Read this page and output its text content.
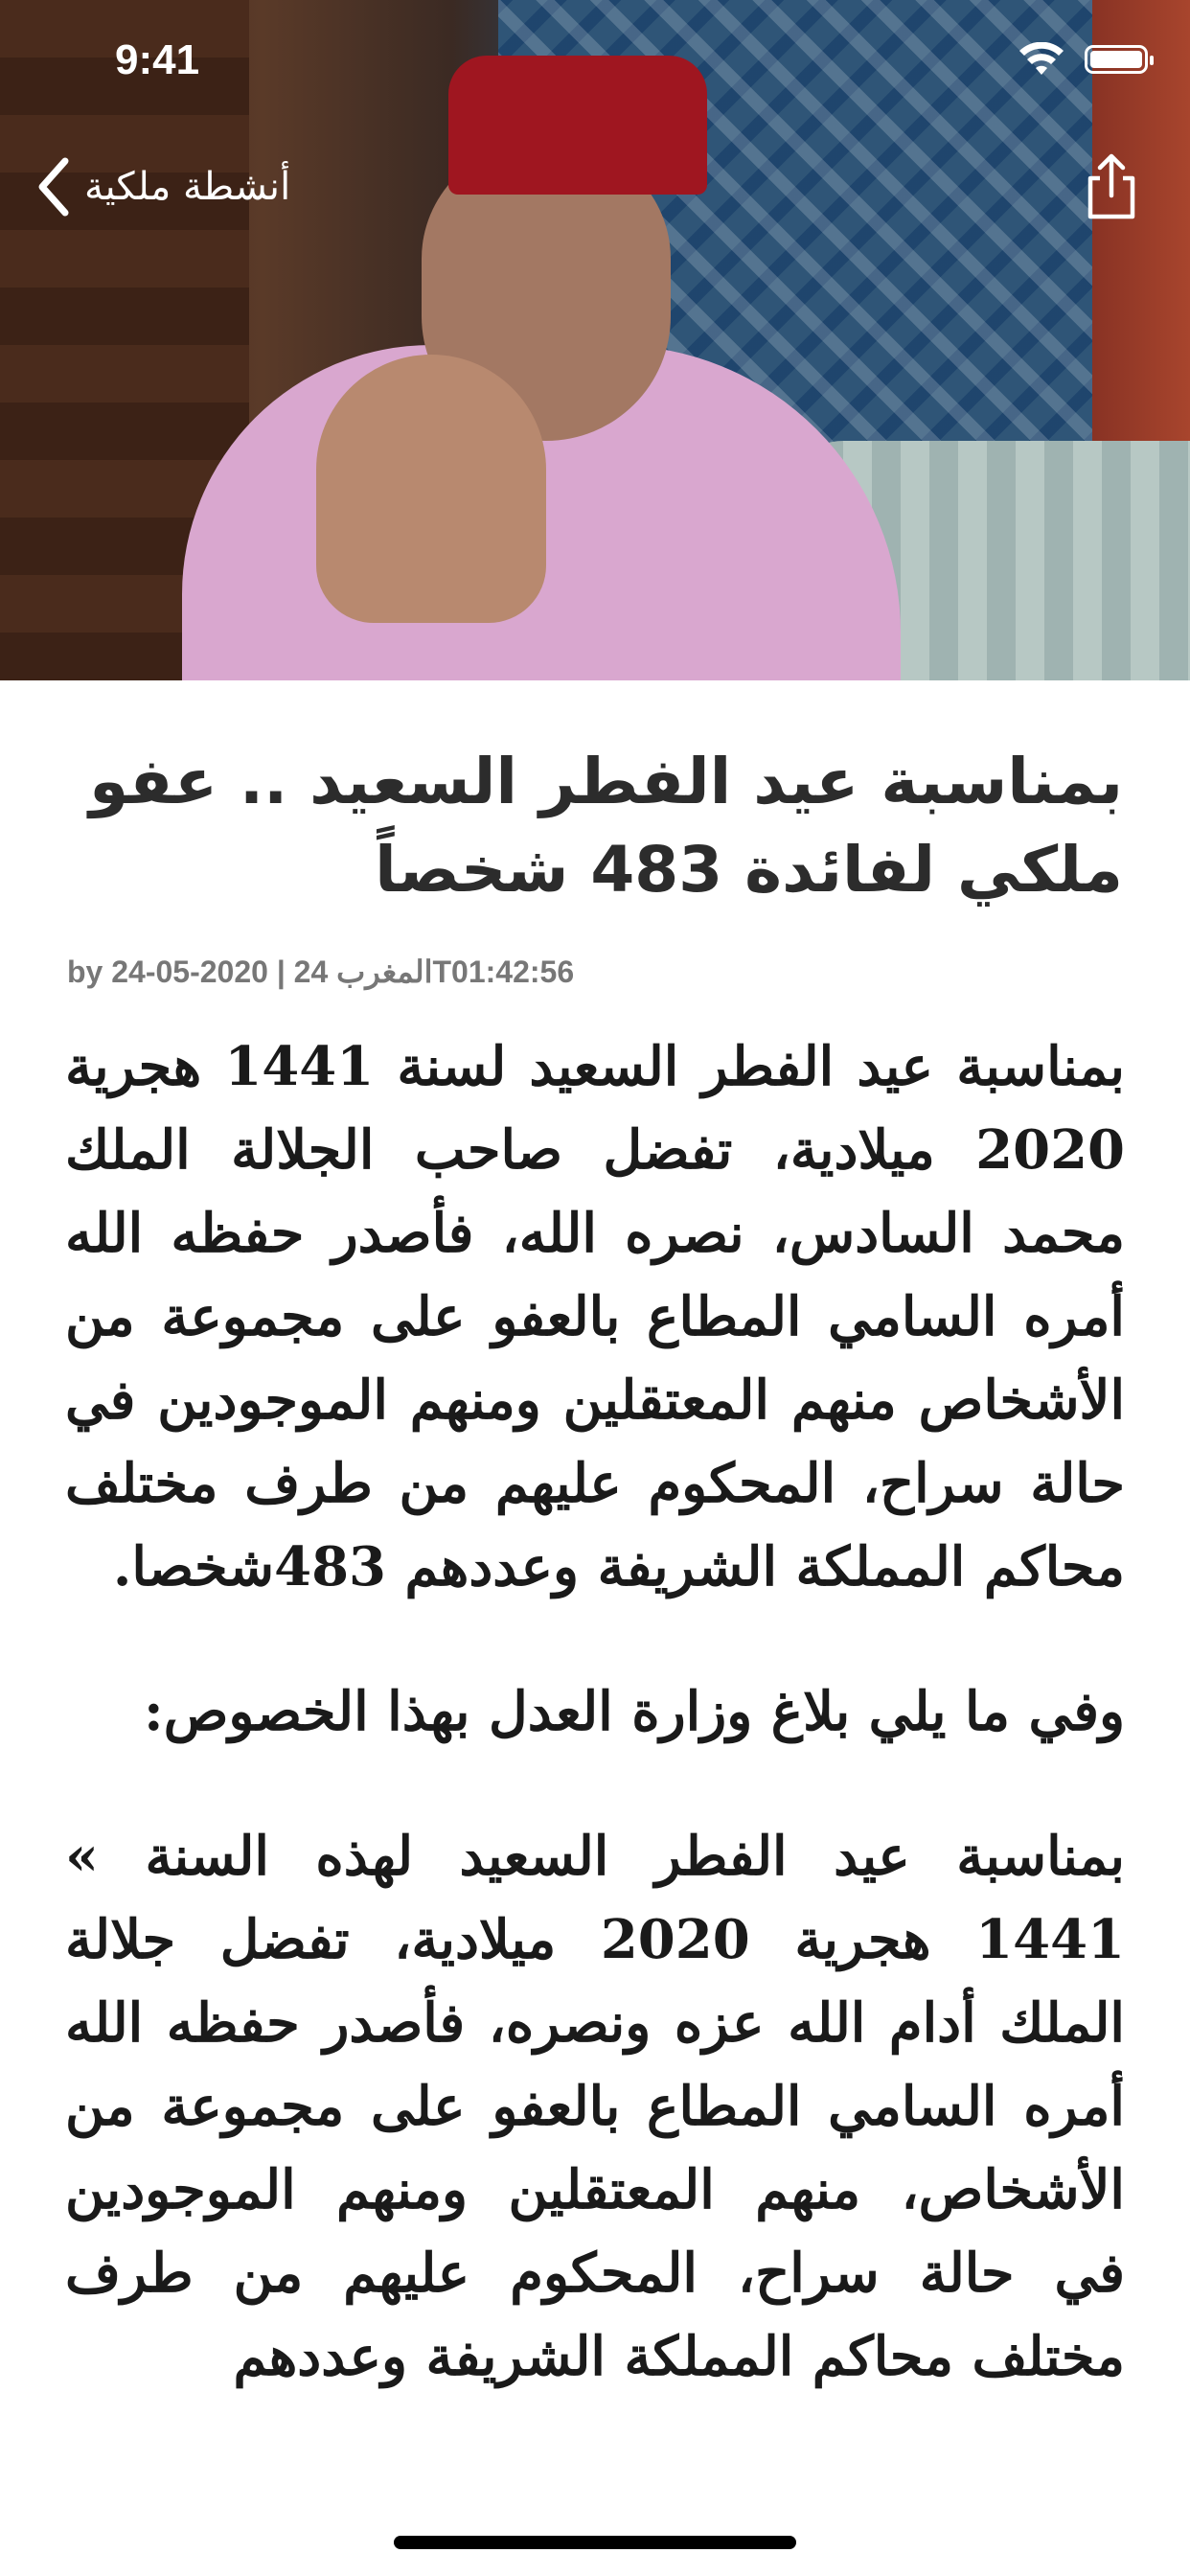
9:41
أنشطة ملكية
بمناسبة عيد الفطر السعيد .. عفو ملكي لفائدة 483 شخصاً
by 24-05-2020 | المغرب 24T01:42:56

بمناسبة عيد الفطر السعيد لسنة 1441 هجرية 2020 ميلادية، تفضل صاحب الجلالة الملك محمد السادس، نصره الله، فأصدر حفظه الله أمره السامي المطاع بالعفو على مجموعة من الأشخاص منهم المعتقلين ومنهم الموجودين في حالة سراح، المحكوم عليهم من طرف مختلف محاكم المملكة الشريفة وعددهم 483شخصا.

وفي ما يلي بلاغ وزارة العدل بهذا الخصوص:

بمناسبة عيد الفطر السعيد لهذه السنة » 1441 هجرية 2020 ميلادية، تفضل جلالة الملك أدام الله عزه ونصره، فأصدر حفظه الله أمره السامي المطاع بالعفو على مجموعة من الأشخاص، منهم المعتقلين ومنهم الموجودين في حالة سراح، المحكوم عليهم من طرف مختلف محاكم المملكة الشريفة وعددهم
